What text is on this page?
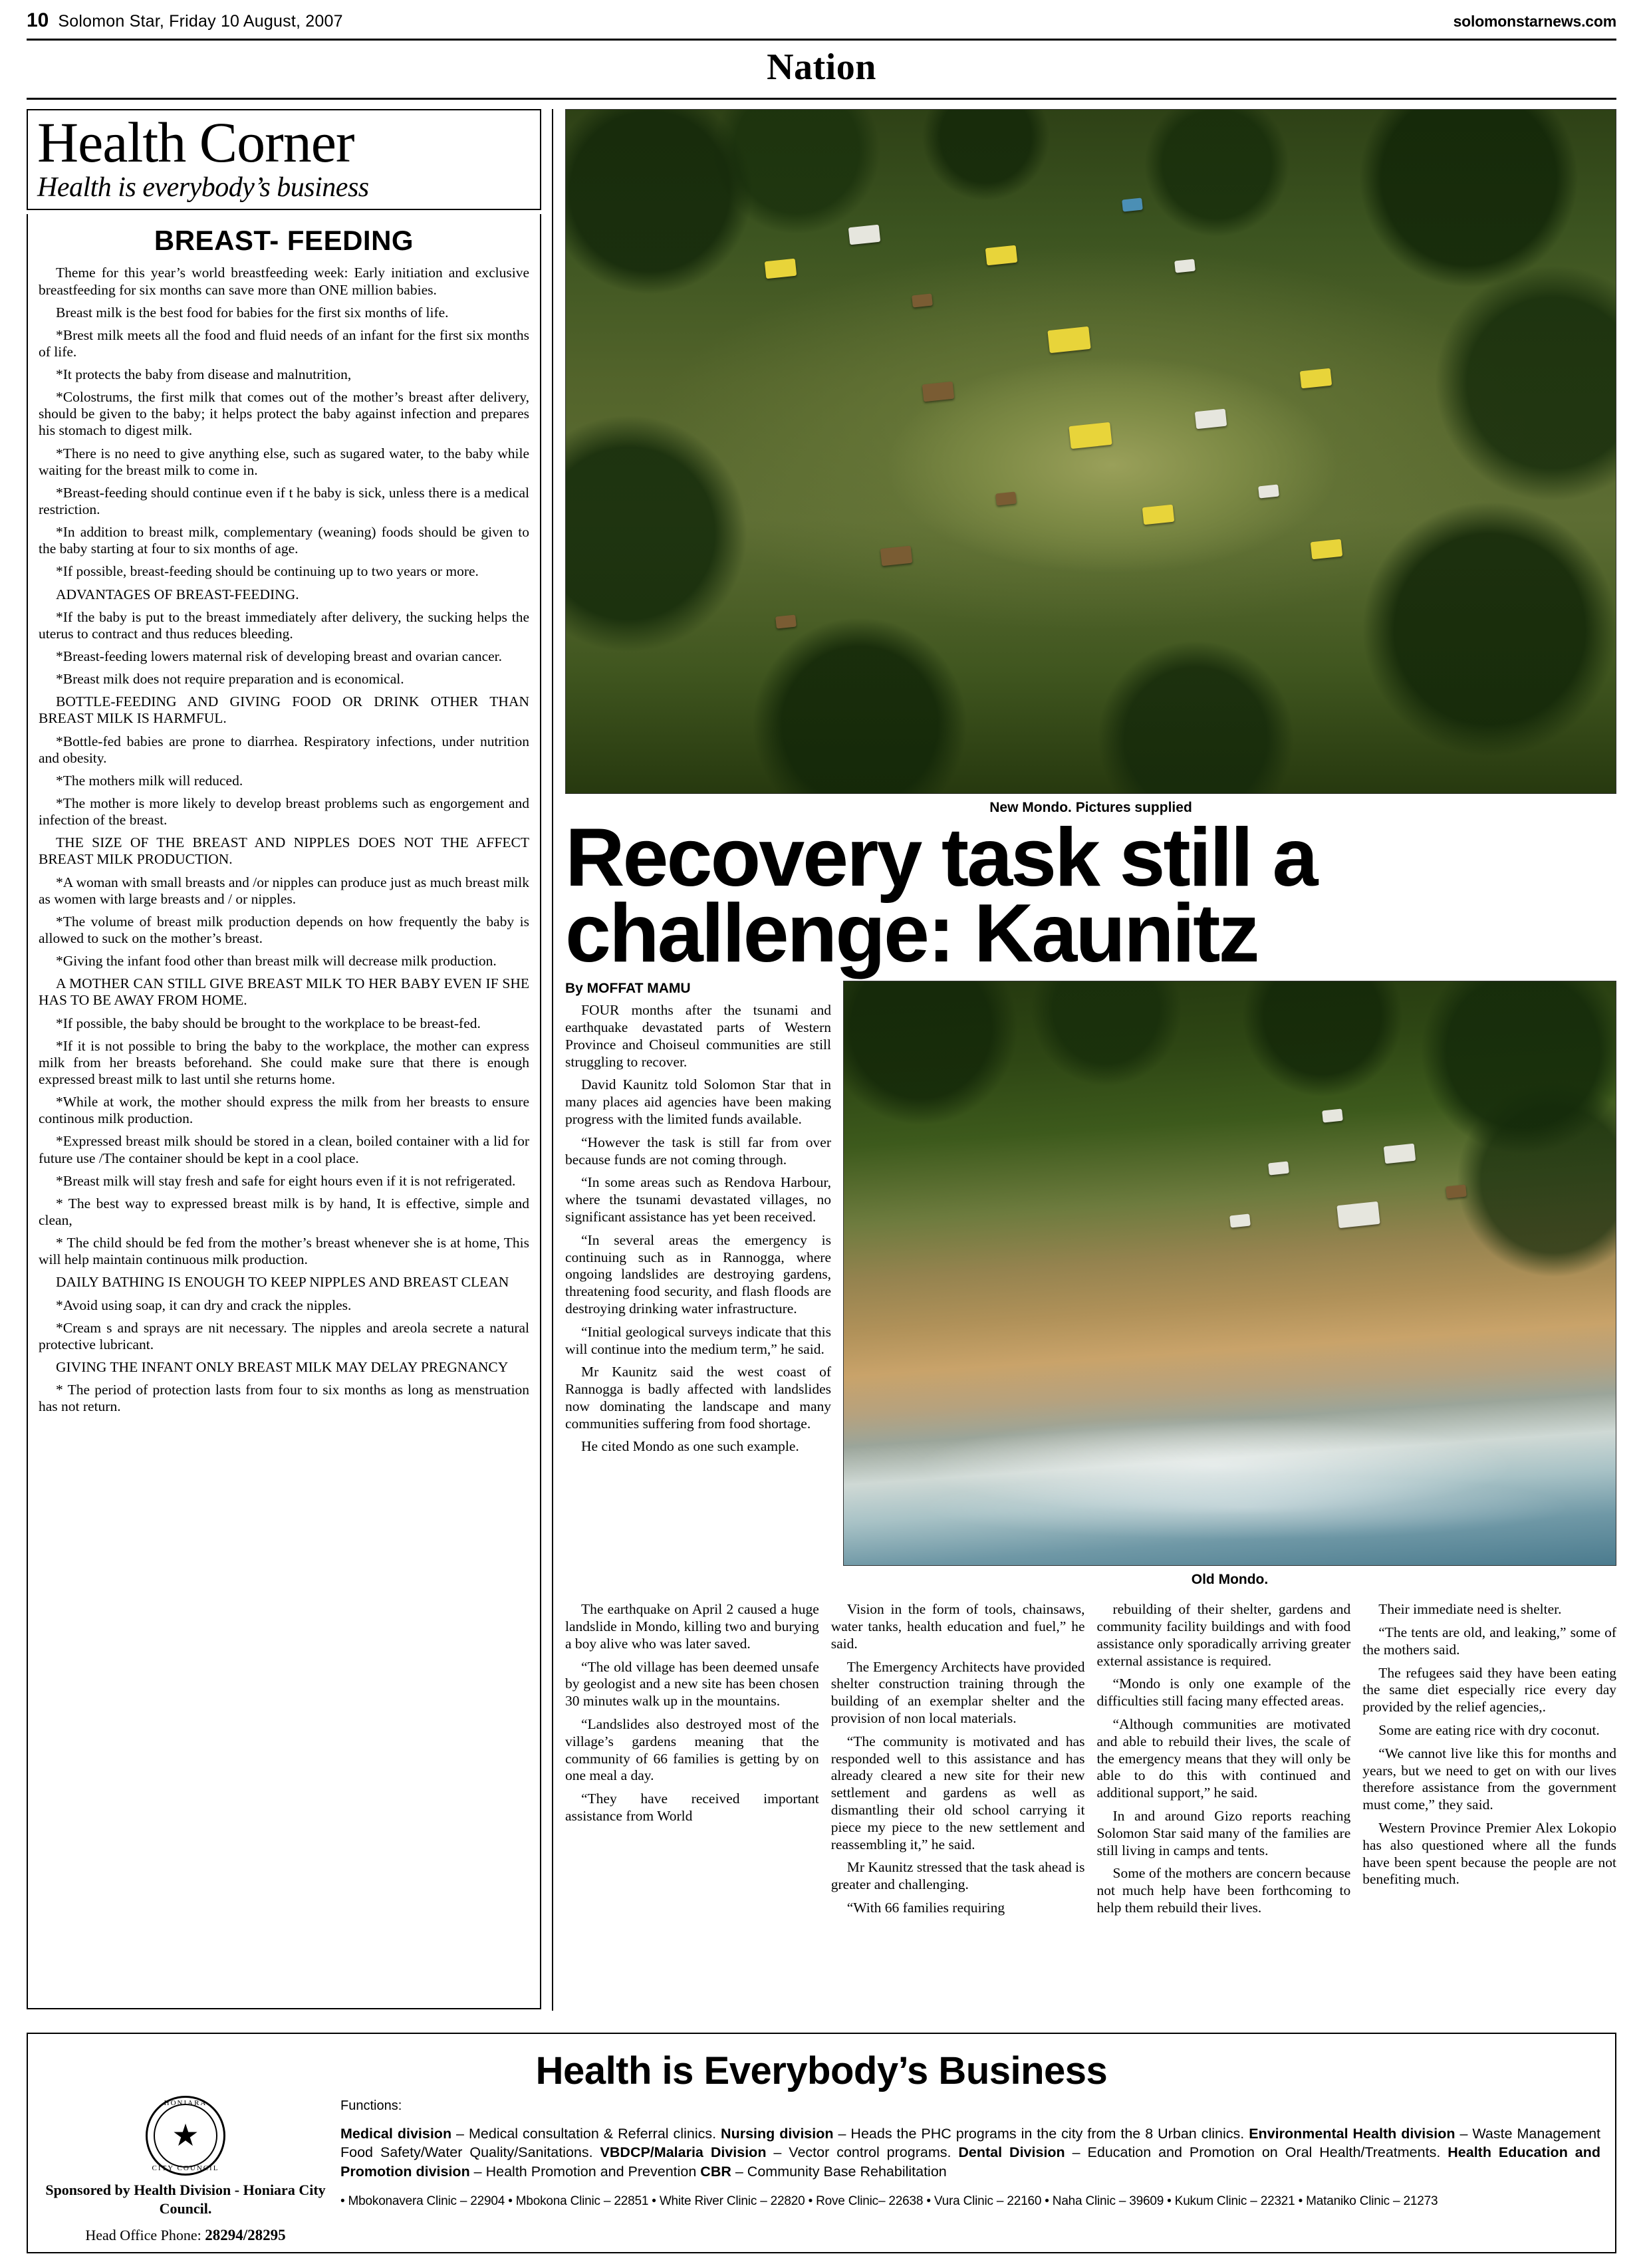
10 Solomon Star, Friday 10 August, 2007	solomonstarnews.com
Nation
Health Corner
Health is everybody’s business
BREAST- FEEDING

Theme for this year’s world breastfeeding week: Early initiation and exclusive breastfeeding for six months can save more than ONE million babies.

Breast milk is the best food for babies for the first six months of life.

*Brest milk meets all the food and fluid needs of an infant for the first six months of life.

*It protects the baby from disease and malnutrition,

*Colostrums, the first milk that comes out of the mother’s breast after delivery, should be given to the baby; it helps protect the baby against infection and prepares his stomach to digest milk.

*There is no need to give anything else, such as sugared water, to the baby while waiting for the breast milk to come in.

*Breast-feeding should continue even if t he baby is sick, unless there is a medical restriction.

*In addition to breast milk, complementary (weaning) foods should be given to the baby starting at four to six months of age.

*If possible, breast-feeding should be continuing up to two years or more.

ADVANTAGES OF BREAST-FEEDING.

*If the baby is put to the breast immediately after delivery, the sucking helps the uterus to contract and thus reduces bleeding.

*Breast-feeding lowers maternal risk of developing breast and ovarian cancer.

*Breast milk does not require preparation and is economical.

BOTTLE-FEEDING AND GIVING FOOD OR DRINK OTHER THAN BREAST MILK IS HARMFUL.

*Bottle-fed babies are prone to diarrhea. Respiratory infections, under nutrition and obesity.

*The mothers milk will reduced.

*The mother is more likely to develop breast problems such as engorgement and infection of the breast.

THE SIZE OF THE BREAST AND NIPPLES DOES NOT THE AFFECT BREAST MILK PRODUCTION.

*A woman with small breasts and /or nipples can produce just as much breast milk as women with large breasts and / or nipples.

*The volume of breast milk production depends on how frequently the baby is allowed to suck on the mother’s breast.

*Giving the infant food other than breast milk will decrease milk production.

A MOTHER CAN STILL GIVE BREAST MILK TO HER BABY EVEN IF SHE HAS TO BE AWAY FROM HOME.

*If possible, the baby should be brought to the workplace to be breast-fed.

*If it is not possible to bring the baby to the workplace, the mother can express milk from her breasts beforehand. She could make sure that there is enough expressed breast milk to last until she returns home.

*While at work, the mother should express the milk from her breasts to ensure continous milk production.

*Expressed breast milk should be stored in a clean, boiled container with a lid for future use /The container should be kept in a cool place.

*Breast milk will stay fresh and safe for eight hours even if it is not refrigerated.

* The best way to expressed breast milk is by hand, It is effective, simple and clean,

* The child should be fed from the mother’s breast whenever she is at home, This will help maintain continuous milk production.

DAILY BATHING IS ENOUGH TO KEEP NIPPLES AND BREAST CLEAN

*Avoid using soap, it can dry and crack the nipples.

*Cream s and sprays are nit necessary. The nipples and areola secrete a natural protective lubricant.

GIVING THE INFANT ONLY BREAST MILK MAY DELAY PREGNANCY

* The period of protection lasts from four to six months as long as menstruation has not return.

New Mondo. Pictures supplied
Recovery task still a challenge: Kaunitz
By MOFFAT MAMU

FOUR months after the tsunami and earthquake devastated parts of Western Province and Choiseul communities are still struggling to recover.

David Kaunitz told Solomon Star that in many places aid agencies have been making progress with the limited funds available.

“However the task is still far from over because funds are not coming through.

“In some areas such as Rendova Harbour, where the tsunami devastated villages, no significant assistance has yet been received.

“In several areas the emergency is continuing such as in Rannogga, where ongoing landslides are destroying gardens, threatening food security, and flash floods are destroying drinking water infrastructure.

“Initial geological surveys indicate that this will continue into the medium term,” he said.

Mr Kaunitz said the west coast of Rannogga is badly affected with landslides now dominating the landscape and many communities suffering from food shortage.

He cited Mondo as one such example.

Old Mondo.

The earthquake on April 2 caused a huge landslide in Mondo, killing two and burying a boy alive who was later saved.

“The old village has been deemed unsafe by geologist and a new site has been chosen 30 minutes walk up in the mountains.

“Landslides also destroyed most of the village’s gardens meaning that the community of 66 families is getting by on one meal a day.

“They have received important assistance from World

Vision in the form of tools, chainsaws, water tanks, health education and fuel,” he said.

The Emergency Architects have provided shelter construction training through the building of an exemplar shelter and the provision of non local materials.

“The community is motivated and has responded well to this assistance and has already cleared a new site for their new settlement and gardens as well as dismantling their old school carrying it piece my piece to the new settlement and reassembling it,” he said.

Mr Kaunitz stressed that the task ahead is greater and challenging.

“With 66 families requiring

rebuilding of their shelter, gardens and community facility buildings and with food assistance only sporadically arriving greater external assistance is required.

“Mondo is only one example of the difficulties still facing many effected areas.

“Although communities are motivated and able to rebuild their lives, the scale of the emergency means that they will only be able to do this with continued and additional support,” he said.

In and around Gizo reports reaching Solomon Star said many of the families are still living in camps and tents.

Some of the mothers are concern because not much help have been forthcoming to help them rebuild their lives.

Their immediate need is shelter.

“The tents are old, and leaking,” some of the mothers said.

The refugees said they have been eating the same diet especially rice every day provided by the relief agencies,.

Some are eating rice with dry coconut.

“We cannot live like this for months and years, but we need to get on with our lives therefore assistance from the government must come,” they said.

Western Province Premier Alex Lokopio has also questioned where all the funds have been spent because the people are not benefiting much.

Health is Everybody’s Business
HONIARA
★
CITY COUNCIL
Sponsored by Health Division - Honiara City Council.
Head Office Phone: 28294/28295
Functions:
Medical division – Medical consultation & Referral clinics. Nursing division – Heads the PHC programs in the city from the 8 Urban clinics. Environmental Health division – Waste Management Food Safety/Water Quality/Sanitations. VBDCP/Malaria Division – Vector control programs. Dental Division – Education and Promotion on Oral Health/Treatments. Health Education and Promotion division – Health Promotion and Prevention CBR – Community Base Rehabilitation
• Mbokonavera Clinic – 22904 • Mbokona Clinic – 22851 • White River Clinic – 22820 • Rove Clinic– 22638 • Vura Clinic – 22160 • Naha Clinic – 39609 • Kukum Clinic – 22321 • Mataniko Clinic – 21273
